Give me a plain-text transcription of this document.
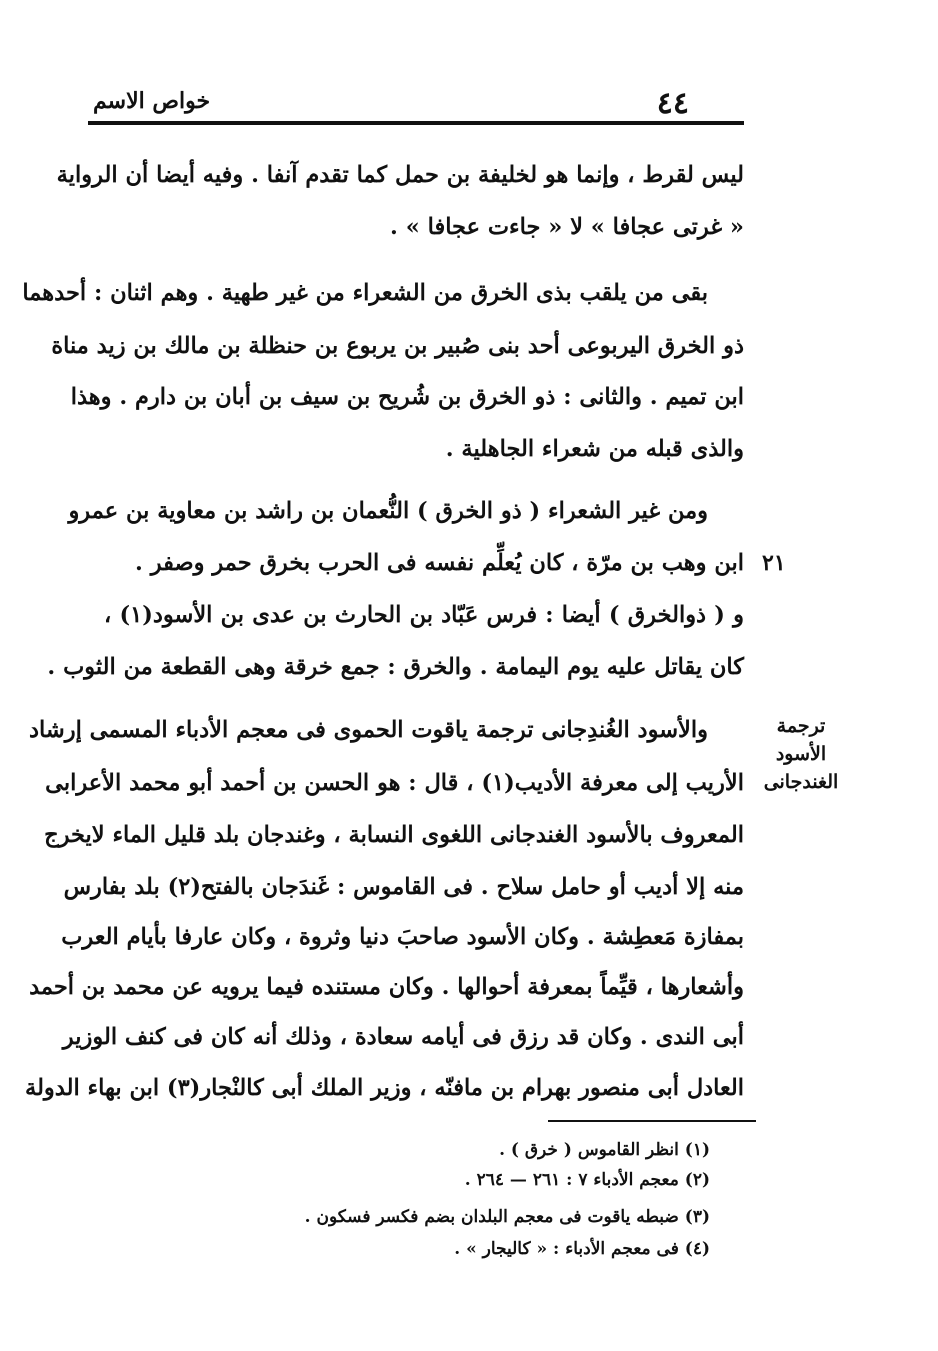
٤٤
خواص الاسم
ليس لقرط ، وإنما هو لخليفة بن حمل كما تقدم آنفا . وفيه أيضا أن الرواية
« غرتى عجافا » لا « جاءت عجافا » .
بقى من يلقب بذى الخرق من الشعراء من غير طهية . وهم اثنان : أحدهما
ذو الخرق اليربوعى أحد بنى صُبير بن يربوع بن حنظلة بن مالك بن زيد مناة
ابن تميم . والثانى : ذو الخرق بن شُريح بن سيف بن أبان بن دارم . وهذا
والذى قبله من شعراء الجاهلية .
ومن غير الشعراء ( ذو الخرق ) النُّعمان بن راشد بن معاوية بن عمرو
ابن وهب بن مرّة ، كان يُعلِّم نفسه فى الحرب بخرق حمر وصفر . ٢١
و ( ذوالخرق ) أيضا : فرس عَبّاد بن الحارث بن عدى بن الأسود(١) ،
كان يقاتل عليه يوم اليمامة . والخرق : جمع خرقة وهى القطعة من الثوب .
ترجمة الأسود
الغندجانى
والأسود الغُندِجانى ترجمة ياقوت الحموى فى معجم الأدباء المسمى إرشاد
الأريب إلى معرفة الأديب(١) ، قال : هو الحسن بن أحمد أبو محمد الأعرابى
المعروف بالأسود الغندجانى اللغوى النسابة ، وغندجان بلد قليل الماء لايخرج
منه إلا أديب أو حامل سلاح . فى القاموس : غَندَجان بالفتح(٢) بلد بفارس
بمفازة مَعطِشة . وكان الأسود صاحبَ دنيا وثروة ، وكان عارفا بأيام العرب
وأشعارها ، قيِّماً بمعرفة أحوالها . وكان مستنده فيما يرويه عن محمد بن أحمد
أبى الندى . وكان قد رزق فى أيامه سعادة ، وذلك أنه كان فى كنف الوزير
العادل أبى منصور بهرام بن مافنّه ، وزير الملك أبى كالنْجار(٣) ابن بهاء الدولة
(١) انظر القاموس ( خرق ) .
(٢) معجم الأدباء ٧ : ٢٦١ — ٢٦٤ .
(٣) ضبطه ياقوت فى معجم البلدان بضم فكسر فسكون .
(٤) فى معجم الأدباء : « كاليجار » .
